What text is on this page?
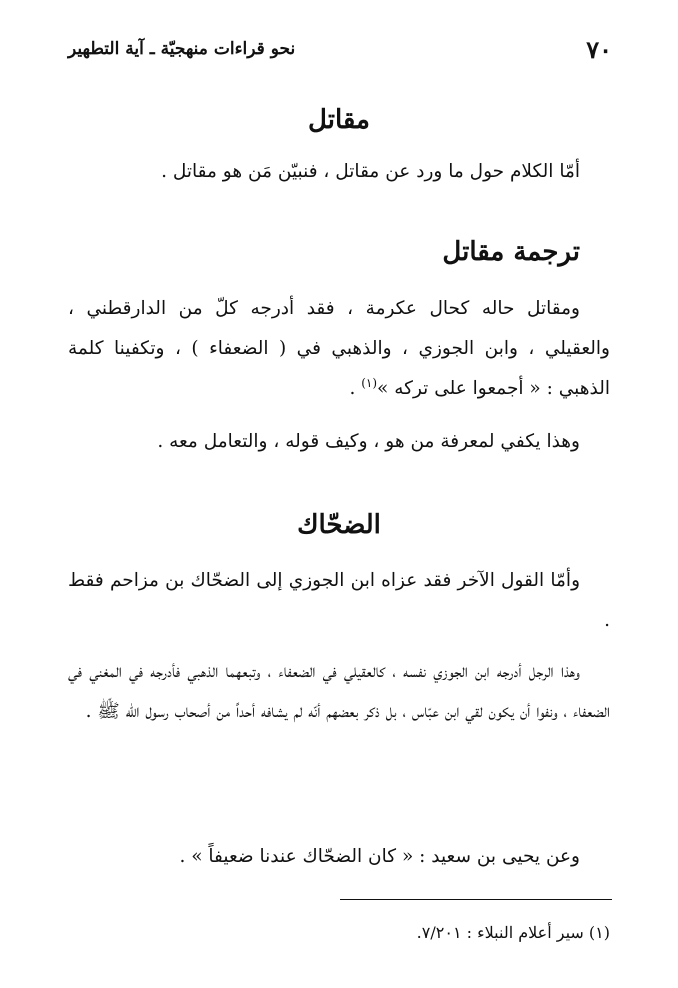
٧٠
نحو قراءات منهجيّة ـ آية التطهير
مقاتل

أمّا الكلام حول ما ورد عن مقاتل ، فنبيّن مَن هو مقاتل .

ترجمة مقاتل

ومقاتل حاله كحال عكرمة ، فقد أدرجه كلّ من الدارقطني ، والعقيلي ، وابن الجوزي ، والذهبي في ( الضعفاء ) ، وتكفينا كلمة الذهبي : « أجمعوا على تركه »$^{(١)}$ .

وهذا يكفي لمعرفة من هو ، وكيف قوله ، والتعامل معه .

الضحّاك

وأمّا القول الآخر فقد عزاه ابن الجوزي إلى الضحّاك بن مزاحم فقط .

وهذا الرجل أدرجه ابن الجوزي نفسه ، كالعقيلي في الضعفاء ، وتبعهما الذهبي فأدرجه في المغني في الضعفاء ، ونفوا أن يكون لقي ابن عبّاس ، بل ذكر بعضهم أنّه لم يشافه أحداً من أصحاب رسول الله ﷺ .

وعن يحيى بن سعيد : « كان الضحّاك عندنا ضعيفاً » .

(١) سير أعلام النبلاء : ٧/٢٠١.
